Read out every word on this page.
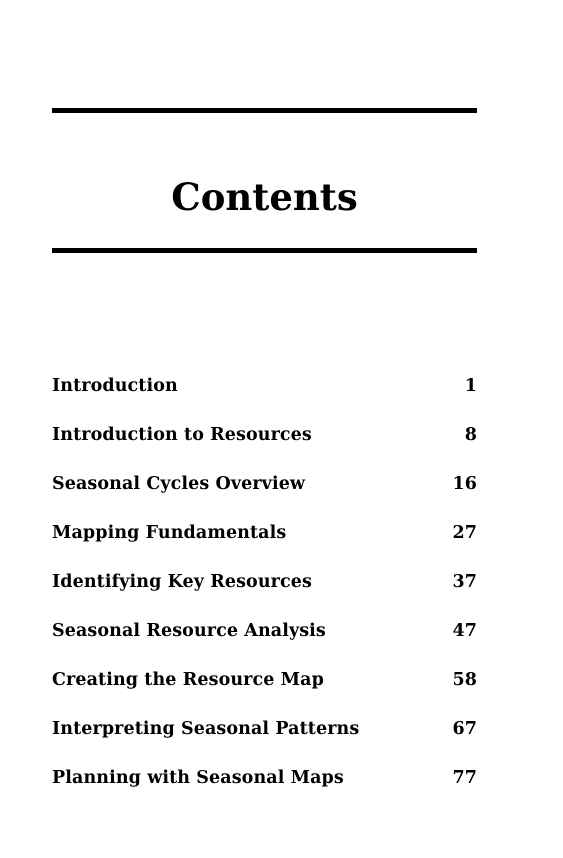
Contents
Introduction	1
Introduction to Resources	8
Seasonal Cycles Overview	16
Mapping Fundamentals	27
Identifying Key Resources	37
Seasonal Resource Analysis	47
Creating the Resource Map	58
Interpreting Seasonal Patterns	67
Planning with Seasonal Maps	77
